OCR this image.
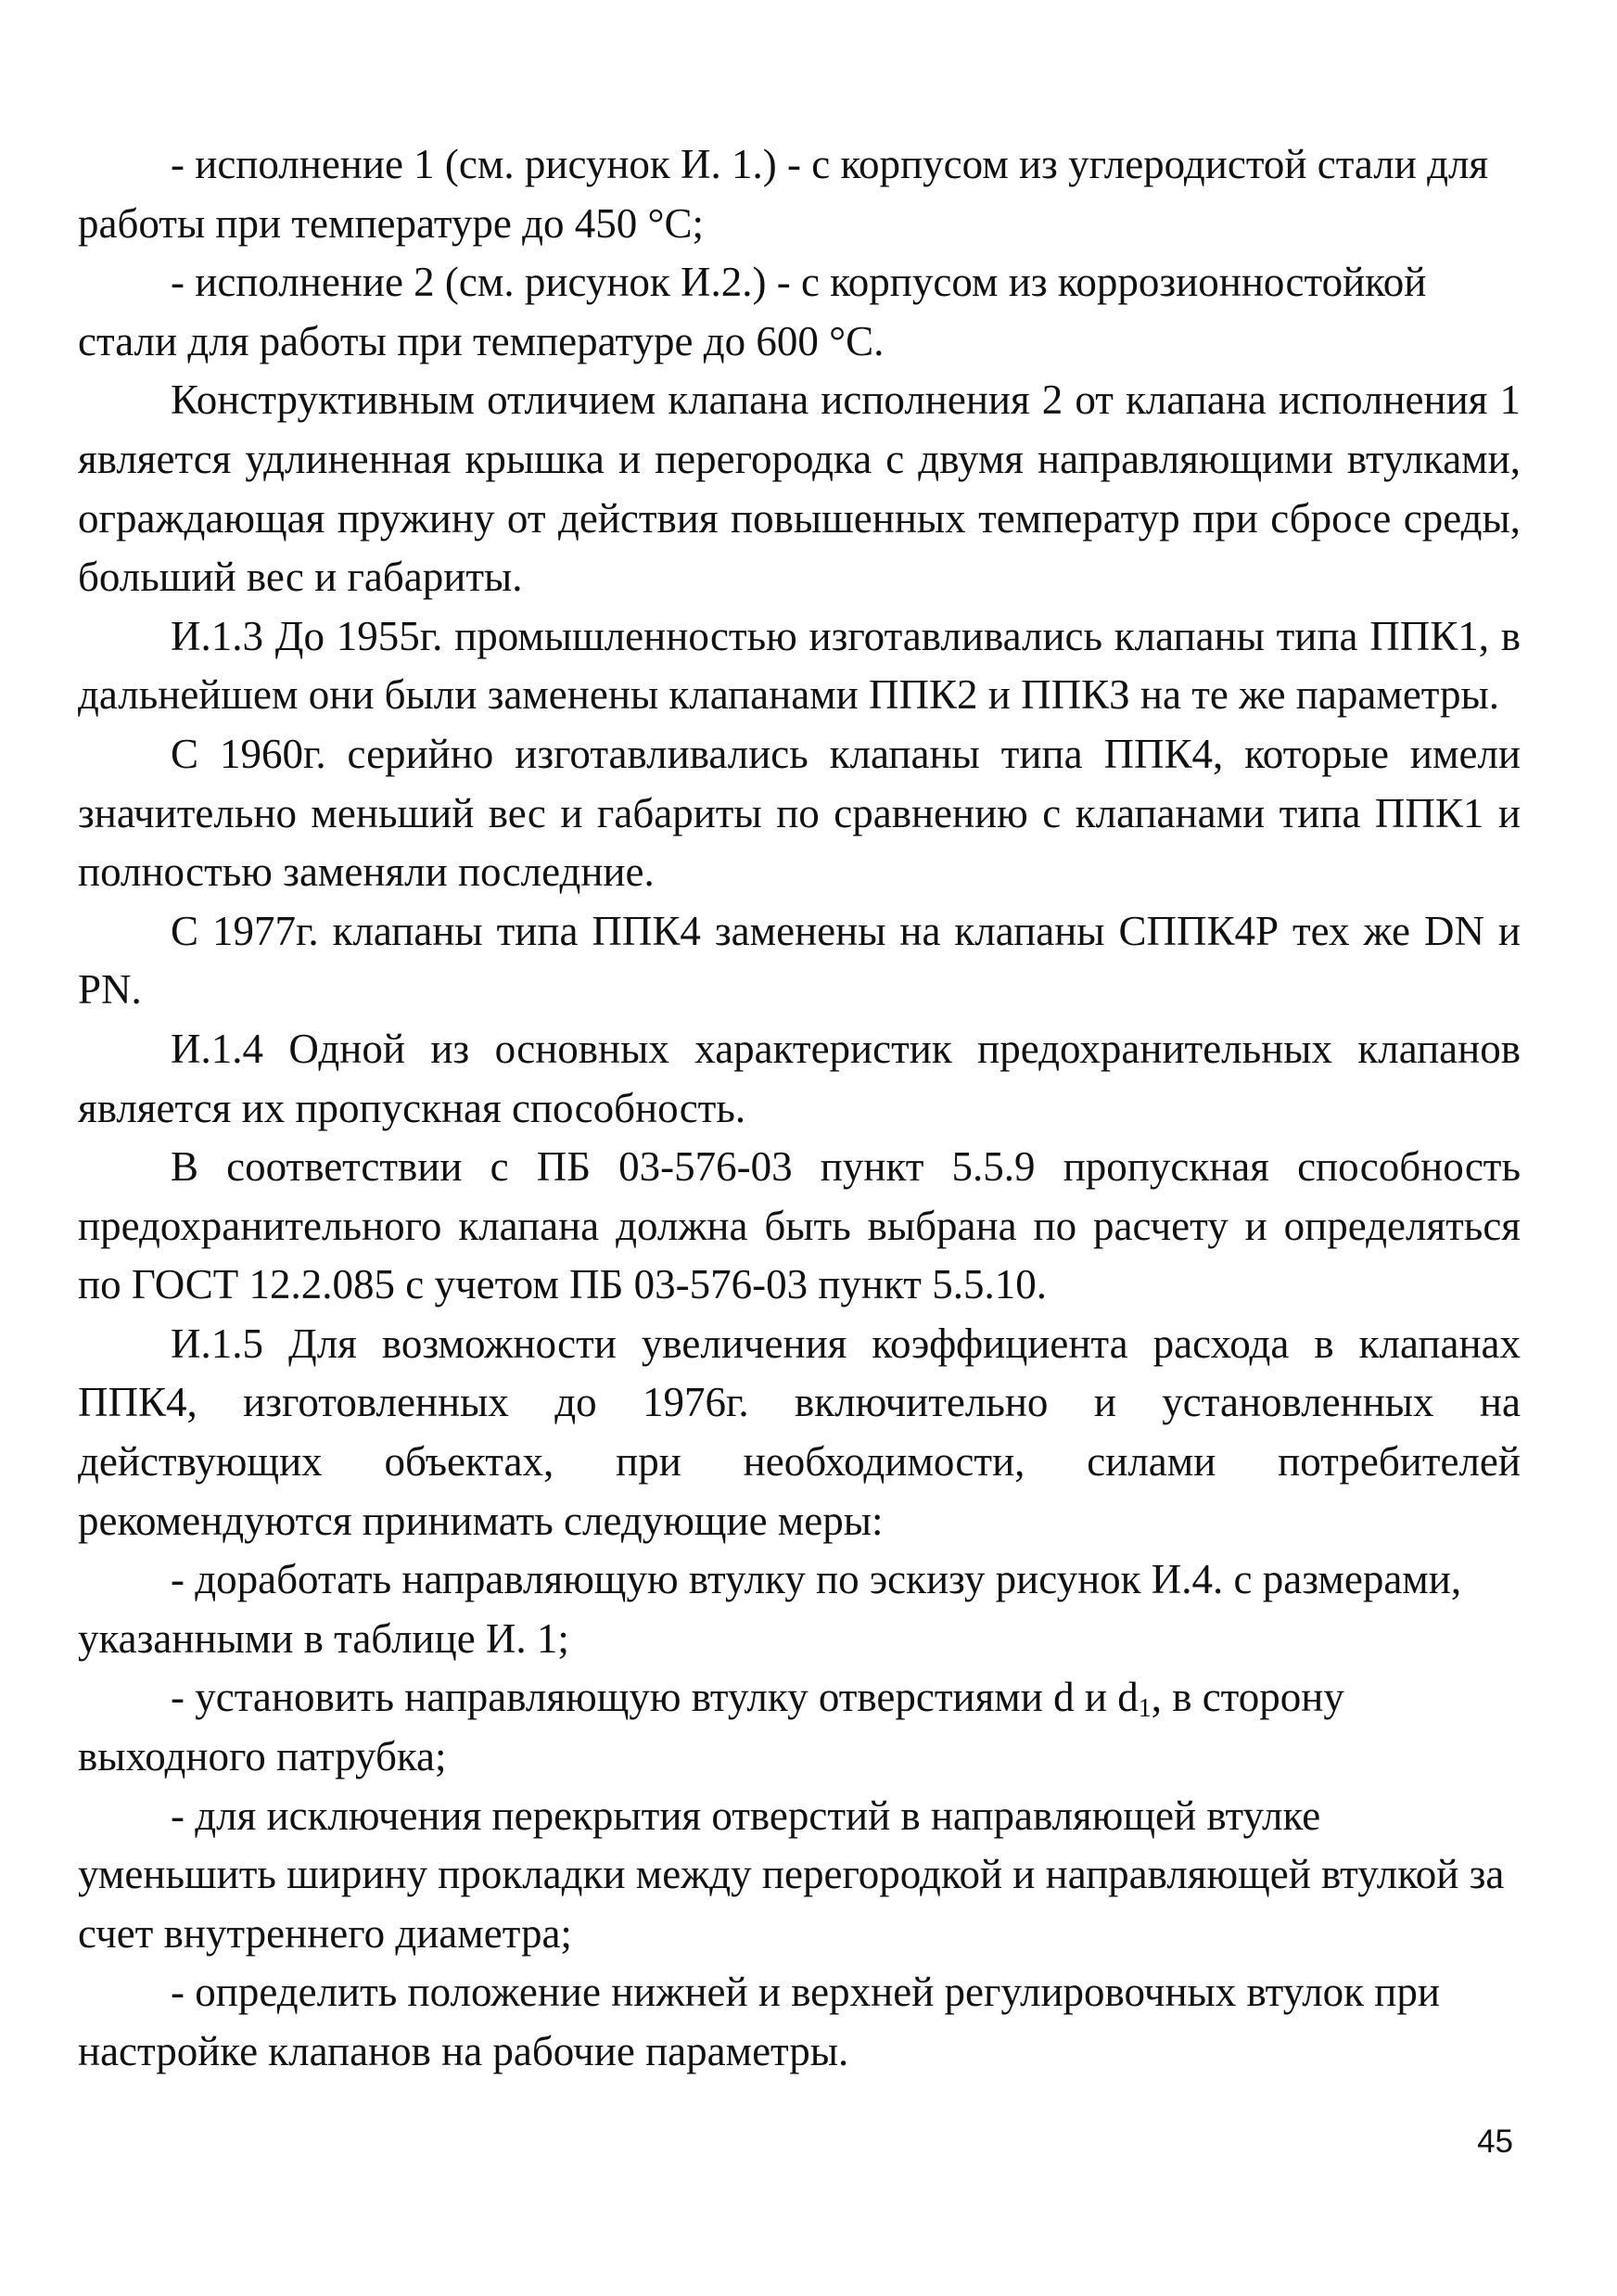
- исполнение 1 (см. рисунок И. 1.) - с корпусом из углеродистой стали для работы при температуре до 450 °С;

- исполнение 2 (см. рисунок И.2.) - с корпусом из коррозионностойкой стали для работы при температуре до 600 °С.

Конструктивным отличием клапана исполнения 2 от клапана исполнения 1 является удлиненная крышка и перегородка с двумя направляющими втулками, ограждающая пружину от действия повышенных температур при сбросе среды, больший вес и габариты.

И.1.3 До 1955г. промышленностью изготавливались клапаны типа ППК1, в дальнейшем они были заменены клапанами ППК2 и ППКЗ на те же параметры.

С 1960г. серийно изготавливались клапаны типа ППК4, которые имели значительно меньший вес и габариты по сравнению с клапанами типа ППК1 и полностью заменяли последние.

С 1977г. клапаны типа ППК4 заменены на клапаны СППК4Р тех же DN и PN.

И.1.4 Одной из основных характеристик предохранительных клапанов является их пропускная способность.

В соответствии с ПБ 03-576-03 пункт 5.5.9 пропускная способность предохранительного клапана должна быть выбрана по расчету и определяться по ГОСТ 12.2.085 с учетом ПБ 03-576-03 пункт 5.5.10.

И.1.5 Для возможности увеличения коэффициента расхода в клапанах ППК4, изготовленных до 1976г. включительно и установленных на действующих объектах, при необходимости, силами потребителей рекомендуются принимать следующие меры:

- доработать направляющую втулку по эскизу рисунок И.4. с размерами, указанными в таблице И. 1;

- установить направляющую втулку отверстиями d и $d_1$, в сторону выходного патрубка;

- для исключения перекрытия отверстий в направляющей втулке уменьшить ширину прокладки между перегородкой и направляющей втулкой за счет внутреннего диаметра;

- определить положение нижней и верхней регулировочных втулок при настройке клапанов на рабочие параметры.

45
